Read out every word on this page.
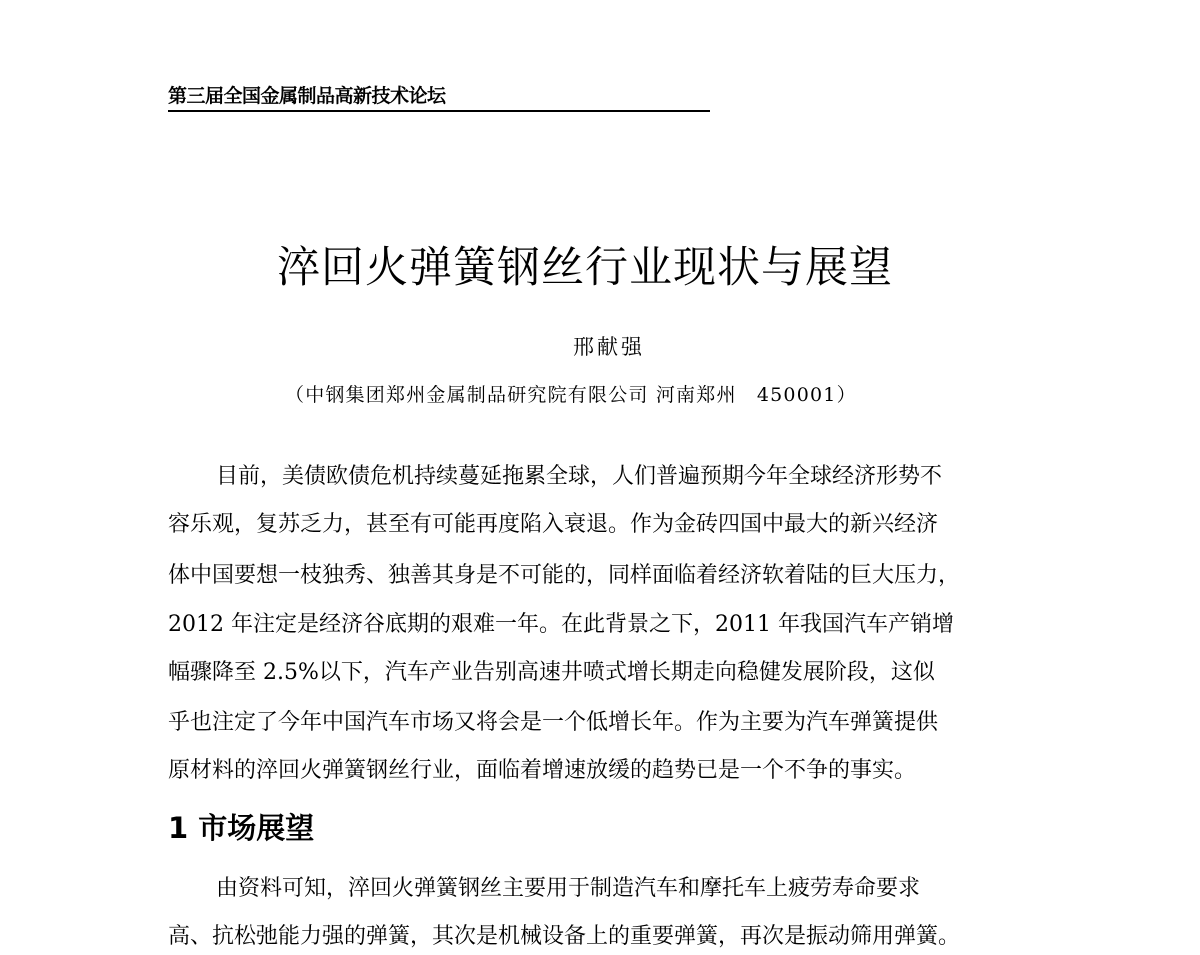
第三届全国金属制品高新技术论坛
淬回火弹簧钢丝行业现状与展望
邢献强
（中钢集团郑州金属制品研究院有限公司 河南郑州　450001）
目前，美债欧债危机持续蔓延拖累全球，人们普遍预期今年全球经济形势不
容乐观，复苏乏力，甚至有可能再度陷入衰退。作为金砖四国中最大的新兴经济
体中国要想一枝独秀、独善其身是不可能的，同样面临着经济软着陆的巨大压力，
2012 年注定是经济谷底期的艰难一年。在此背景之下，2011 年我国汽车产销增
幅骤降至 2.5%以下，汽车产业告别高速井喷式增长期走向稳健发展阶段，这似
乎也注定了今年中国汽车市场又将会是一个低增长年。作为主要为汽车弹簧提供
原材料的淬回火弹簧钢丝行业，面临着增速放缓的趋势已是一个不争的事实。
1 市场展望
由资料可知，淬回火弹簧钢丝主要用于制造汽车和摩托车上疲劳寿命要求
高、抗松弛能力强的弹簧，其次是机械设备上的重要弹簧，再次是振动筛用弹簧。
